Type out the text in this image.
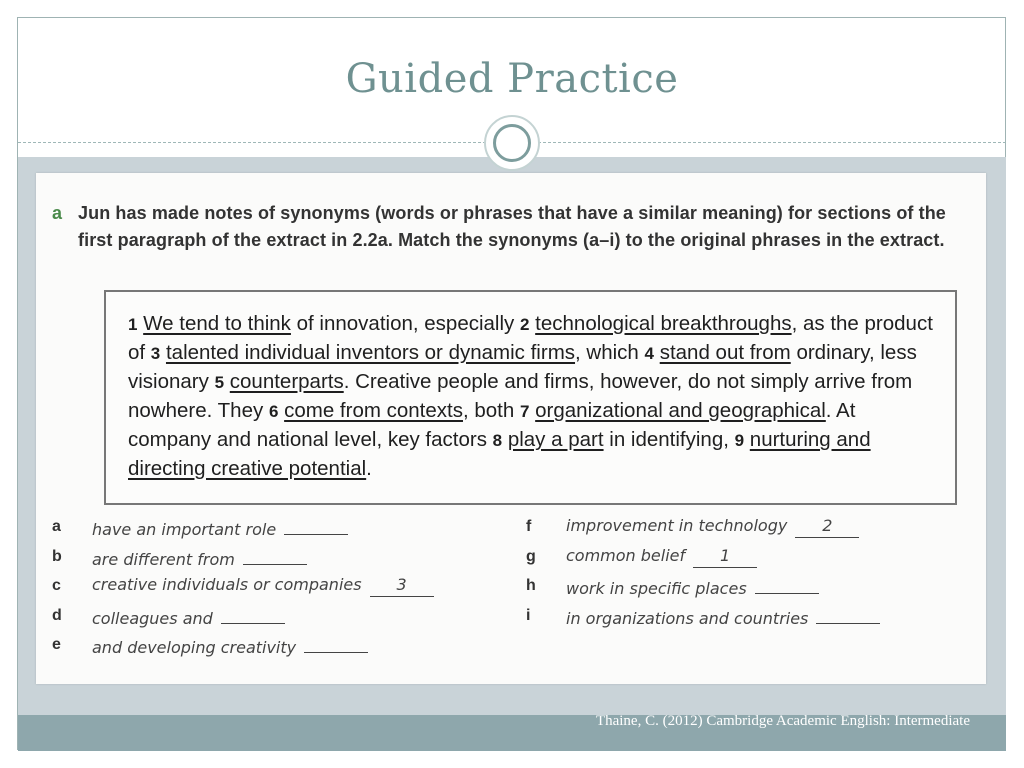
Guided Practice
a Jun has made notes of synonyms (words or phrases that have a similar meaning) for sections of the first paragraph of the extract in 2.2a. Match the synonyms (a–i) to the original phrases in the extract.
1 We tend to think of innovation, especially 2 technological breakthroughs, as the product of 3 talented individual inventors or dynamic firms, which 4 stand out from ordinary, less visionary 5 counterparts. Creative people and firms, however, do not simply arrive from nowhere. They 6 come from contexts, both 7 organizational and geographical. At company and national level, key factors 8 play a part in identifying, 9 nurturing and directing creative potential.
a have an important role
b are different from
c creative individuals or companies 3
d colleagues and
e and developing creativity
f improvement in technology 2
g common belief 1
h work in specific places
i in organizations and countries
Thaine, C. (2012) Cambridge Academic English: Intermediate
